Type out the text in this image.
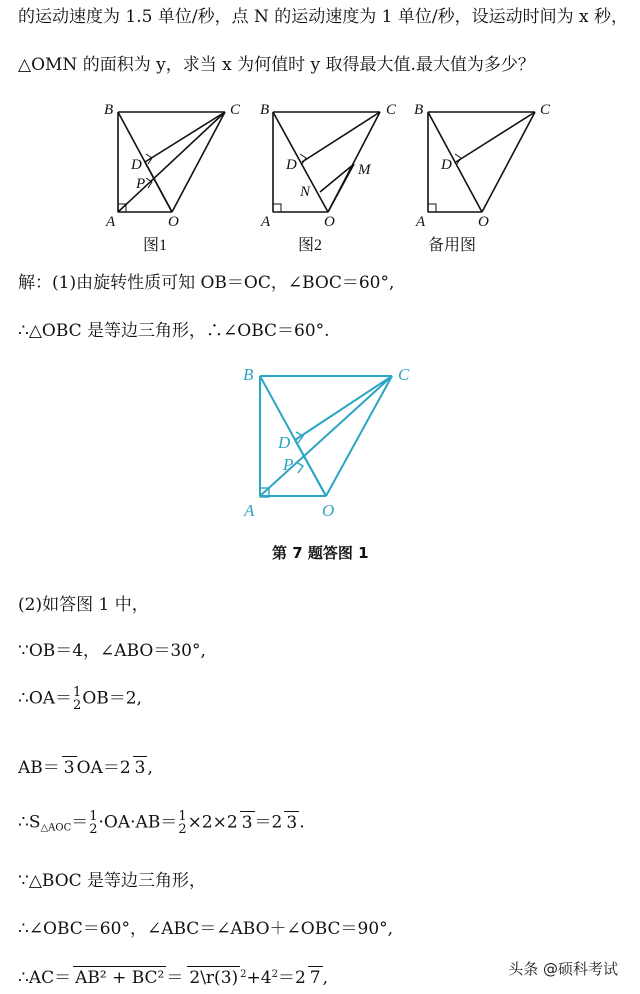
的运动速度为 1.5 单位/秒，点 N 的运动速度为 1 单位/秒，设运动时间为 x 秒，
△OMN 的面积为 y，求当 x 为何值时 y 取得最大值.最大值为多少？
B	C
D
P
A	O
B	C
D	M
N
A	O
B	C
D
A	O
图1	图2	备用图
解：(1)由旋转性质可知 OB＝OC，∠BOC＝60°,
∴△OBC 是等边三角形，∴∠OBC＝60°.
B	C
D
P
A	O
第 7 题答图 1
(2)如答图 1 中，
∵OB＝4，∠ABO＝30°,
∴OA＝ 1
2 OB＝2,
AB＝ 3 OA＝2 3 ,
$\therefore S_{\triangle AOC}= 1$
2 ·OA·AB＝ 1
2 ×2×2 3 ＝2 3 .
∵△BOC 是等边三角形，
∴∠OBC＝60°，∠ABC＝∠ABO＋∠OBC＝90°,
∴AC＝ AB² + BC² ＝ 2\r(3) $^2+4^2=2$ 7 ,	头条 @硕科考试
